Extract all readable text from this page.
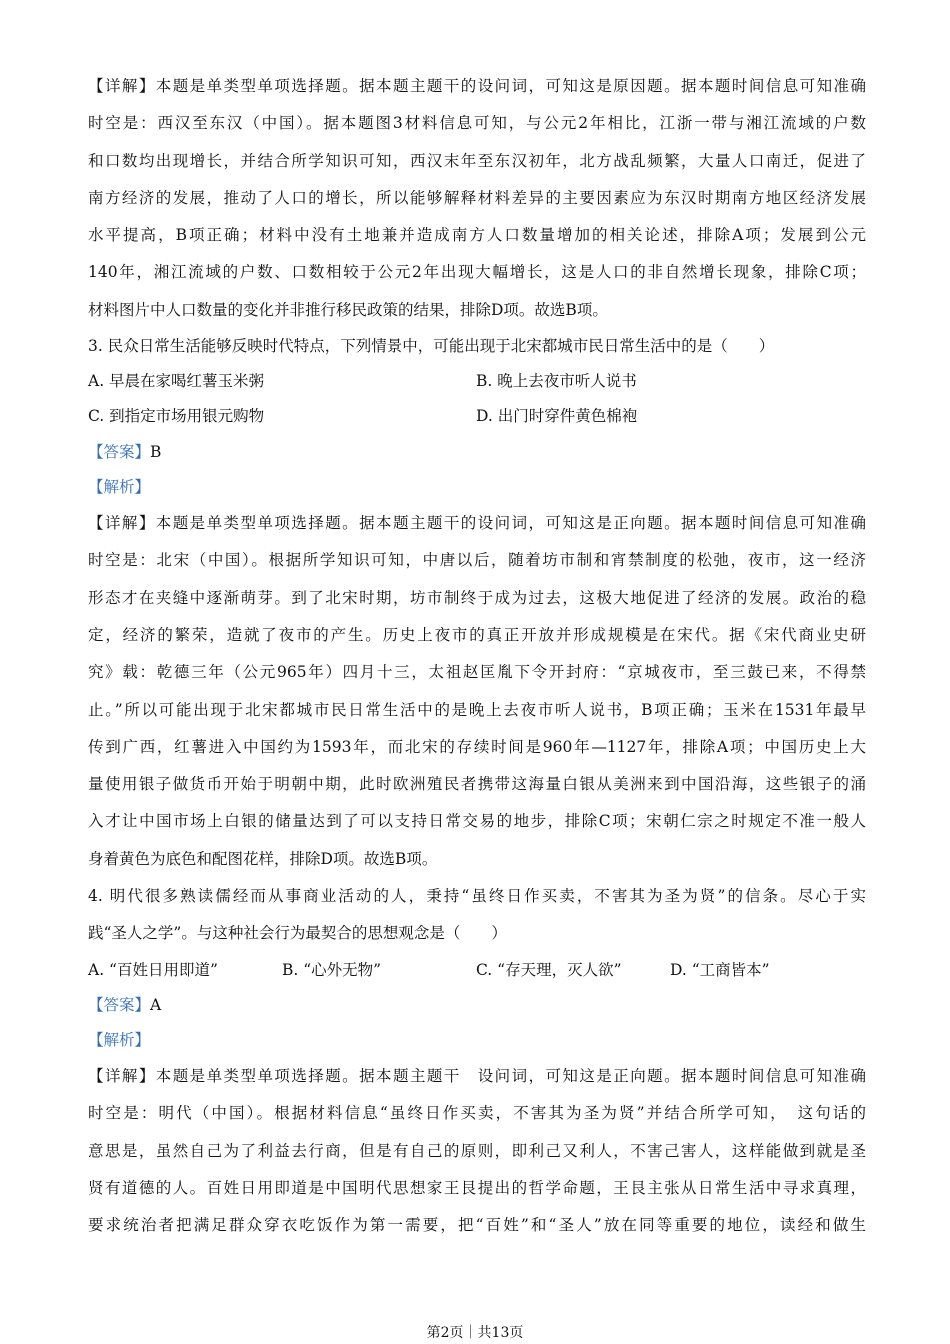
【详解】本题是单类型单项选择题。据本题主题干的设问词，可知这是原因题。据本题时间信息可知准确
时空是：西汉至东汉（中国）。据本题图3材料信息可知，与公元2年相比，江浙一带与湘江流域的户数
和口数均出现增长，并结合所学知识可知，西汉末年至东汉初年，北方战乱频繁，大量人口南迁，促进了
南方经济的发展，推动了人口的增长，所以能够解释材料差异的主要因素应为东汉时期南方地区经济发展
水平提高，B项正确；材料中没有土地兼并造成南方人口数量增加的相关论述，排除A项；发展到公元
140年，湘江流域的户数、口数相较于公元2年出现大幅增长，这是人口的非自然增长现象，排除C项；
材料图片中人口数量的变化并非推行移民政策的结果，排除D项。故选B项。
3. 民众日常生活能够反映时代特点，下列情景中，可能出现于北宋都城市民日常生活中的是（　　）
A. 早晨在家喝红薯玉米粥	B. 晚上去夜市听人说书
C. 到指定市场用银元购物	D. 出门时穿件黄色棉袍
【答案】B
【解析】
【详解】本题是单类型单项选择题。据本题主题干的设问词，可知这是正向题。据本题时间信息可知准确
时空是：北宋（中国）。根据所学知识可知，中唐以后，随着坊市制和宵禁制度的松弛，夜市，这一经济
形态才在夹缝中逐渐萌芽。到了北宋时期，坊市制终于成为过去，这极大地促进了经济的发展。政治的稳
定，经济的繁荣，造就了夜市的产生。历史上夜市的真正开放并形成规模是在宋代。据《宋代商业史研
究》载：乾德三年（公元965年）四月十三，太祖赵匡胤下令开封府：“京城夜市，至三鼓已来，不得禁
止。”所以可能出现于北宋都城市民日常生活中的是晚上去夜市听人说书，B项正确；玉米在1531年最早
传到广西，红薯进入中国约为1593年，而北宋的存续时间是960年—1127年，排除A项；中国历史上大
量使用银子做货币开始于明朝中期，此时欧洲殖民者携带这海量白银从美洲来到中国沿海，这些银子的涌
入才让中国市场上白银的储量达到了可以支持日常交易的地步，排除C项；宋朝仁宗之时规定不准一般人
身着黄色为底色和配图花样，排除D项。故选B项。
4. 明代很多熟读儒经而从事商业活动的人，秉持“虽终日作买卖，不害其为圣为贤”的信条。尽心于实
践“圣人之学”。与这种社会行为最契合的思想观念是（　　）
A. “百姓日用即道”	B. “心外无物”	C. “存天理，灭人欲”	D. “工商皆本”
【答案】A
【解析】
【详解】本题是单类型单项选择题。据本题主题干　设问词，可知这是正向题。据本题时间信息可知准确
时空是：明代（中国）。根据材料信息“虽终日作买卖，不害其为圣为贤”并结合所学可知，　这句话的
意思是，虽然自己为了利益去行商，但是有自己的原则，即利己又利人，不害己害人，这样能做到就是圣
贤有道德的人。百姓日用即道是中国明代思想家王艮提出的哲学命题，王艮主张从日常生活中寻求真理，
要求统治者把满足群众穿衣吃饭作为第一需要，把“百姓”和“圣人”放在同等重要的地位，读经和做生
第2页｜共13页
